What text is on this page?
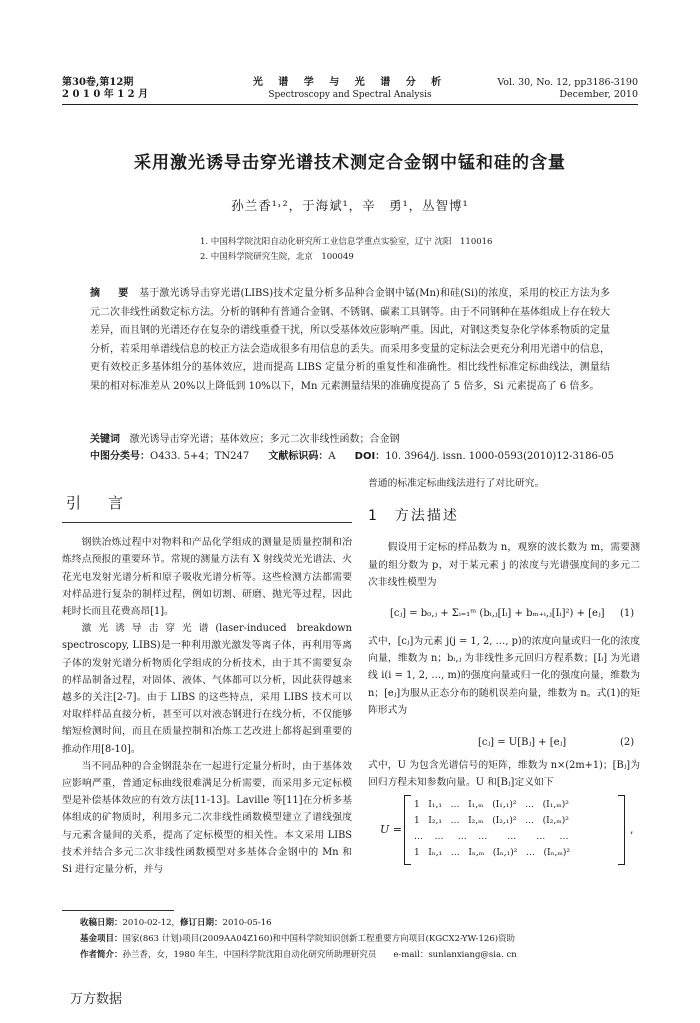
第30卷,第12期
2 0 1 0 年 1 2 月
光 谱 学 与 光 谱 分 析
Spectroscopy and Spectral Analysis
Vol. 30, No. 12, pp3186-3190
December, 2010
采用激光诱导击穿光谱技术测定合金钢中锰和硅的含量
孙兰香¹˒²，于海斌¹，辛　勇¹，丛智博¹
1. 中国科学院沈阳自动化研究所工业信息学重点实验室，辽宁 沈阳　110016
2. 中国科学院研究生院，北京　100049
摘　要 基于激光诱导击穿光谱(LIBS)技术定量分析多品种合金钢中锰(Mn)和硅(Si)的浓度，采用的校正方法为多元二次非线性函数定标方法。分析的钢种有普通合金钢、不锈钢、碳素工具钢等。由于不同钢种在基体组成上存在较大差异，而且钢的光谱还存在复杂的谱线重叠干扰，所以受基体效应影响严重。因此，对钢这类复杂化学体系物质的定量分析，若采用单谱线信息的校正方法会造成很多有用信息的丢失。而采用多变量的定标法会更充分利用光谱中的信息，更有效校正多基体组分的基体效应，进而提高 LIBS 定量分析的重复性和准确性。相比线性标准定标曲线法，测量结果的相对标准差从 20%以上降低到 10%以下，Mn 元素测量结果的准确度提高了 5 倍多，Si 元素提高了 6 倍多。
关键词 激光诱导击穿光谱；基体效应；多元二次非线性函数；合金钢
中图分类号：O433. 5+4；TN247 文献标识码：A DOI：10. 3964/j. issn. 1000-0593(2010)12-3186-05
引　言

钢铁冶炼过程中对物料和产品化学组成的测量是质量控制和冶炼终点预报的重要环节。常规的测量方法有 X 射线荧光光谱法、火花光电发射光谱分析和原子吸收光谱分析等。这些检测方法都需要对样品进行复杂的制样过程，例如切割、研磨、抛光等过程，因此耗时长而且花费高昂[1]。

激光诱导击穿光谱(laser-induced breakdown spectroscopy, LIBS)是一种利用激光激发等离子体，再利用等离子体的发射光谱分析物质化学组成的分析技术，由于其不需要复杂的样品制备过程，对固体、液体、气体都可以分析，因此获得越来越多的关注[2-7]。由于 LIBS 的这些特点，采用 LIBS 技术可以对取样样品直接分析，甚至可以对液态钢进行在线分析，不仅能够缩短检测时间，而且在质量控制和冶炼工艺改进上都将起到重要的推动作用[8-10]。

当不同品种的合金钢混杂在一起进行定量分析时，由于基体效应影响严重，普通定标曲线很难满足分析需要，而采用多元定标模型是补偿基体效应的有效方法[11-13]。Laville 等[11]在分析多基体组成的矿物质时，利用多元二次非线性函数模型建立了谱线强度与元素含量间的关系，提高了定标模型的相关性。本文采用 LIBS 技术并结合多元二次非线性函数模型对多基体合金钢中的 Mn 和 Si 进行定量分析，并与

普通的标准定标曲线法进行了对比研究。
1　方法描述

假设用于定标的样品数为 n，观察的波长数为 m，需要测量的组分数为 p，对于某元素 j 的浓度与光谱强度间的多元二次非线性模型为

[cⱼ] = b₀,ⱼ + Σᵢ₌₁ᵐ (bᵢ,ⱼ[Iᵢ] + bₘ₊ᵢ,ⱼ[Iᵢ]²) + [eⱼ] (1)

式中，[cⱼ]为元素 j(j = 1, 2, …, p)的浓度向量或归一化的浓度向量，维数为 n；bᵢ,ⱼ 为非线性多元回归方程系数；[Iᵢ] 为光谱线 i(i = 1, 2, …, m)的强度向量或归一化的强度向量，维数为 n；[eⱼ]为服从正态分布的随机误差向量，维数为 n。式(1)的矩阵形式为

[cⱼ] = U[Bⱼ] + [eⱼ]	(2)

式中，U 为包含光谱信号的矩阵，维数为 n×(2m+1)；[Bⱼ]为回归方程未知参数向量。U 和[Bⱼ]定义如下

U =
1   I₁,₁   …   I₁,ₘ   (I₁,₁)²   …   (I₁,ₘ)²
1   I₂,₁   …   I₂,ₘ   (I₂,₁)²   …   (I₂,ₘ)²
…    …     …    …       …       …     …
1   Iₙ,₁   …   Iₙ,ₘ   (Iₙ,₁)²   …   (Iₙ,ₘ)²
,
收稿日期：2010-02-12，修订日期：2010-05-16
基金项目：国家(863 计划)项目(2009AA04Z160)和中国科学院知识创新工程重要方向项目(KGCX2-YW-126)资助
作者简介：孙兰香，女，1980 年生，中国科学院沈阳自动化研究所助理研究员　　e-mail：sunlanxiang@sia. cn
万方数据
